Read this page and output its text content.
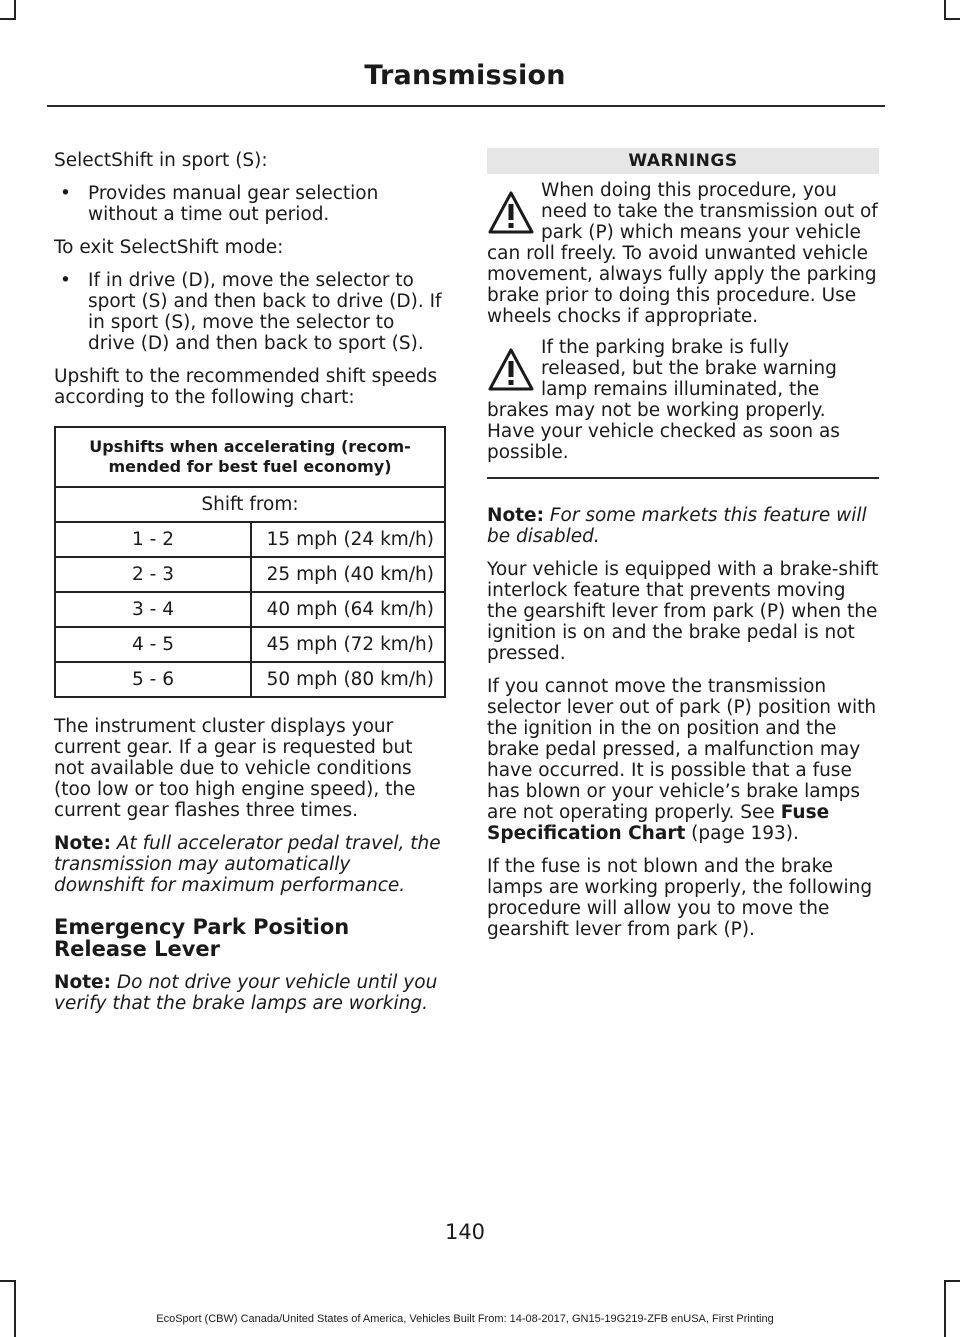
Transmission

SelectShift in sport (S):

• Provides manual gear selection without a time out period.

To exit SelectShift mode:

• If in drive (D), move the selector to sport (S) and then back to drive (D). If in sport (S), move the selector to drive (D) and then back to sport (S).

Upshift to the recommended shift speeds according to the following chart:

Upshifts when accelerating (recom-mended for best fuel economy)	
Shift from:	
1 - 2	15 mph (24 km/h)
2 - 3	25 mph (40 km/h)
3 - 4	40 mph (64 km/h)
4 - 5	45 mph (72 km/h)
5 - 6	50 mph (80 km/h)

The instrument cluster displays your current gear. If a gear is requested but not available due to vehicle conditions (too low or too high engine speed), the current gear flashes three times.

Note: At full accelerator pedal travel, the transmission may automatically downshift for maximum performance.

Emergency Park Position Release Lever

Note: Do not drive your vehicle until you verify that the brake lamps are working.

WARNINGS
When doing this procedure, you need to take the transmission out of park (P) which means your vehicle can roll freely. To avoid unwanted vehicle movement, always fully apply the parking brake prior to doing this procedure. Use wheels chocks if appropriate.
If the parking brake is fully released, but the brake warning lamp remains illuminated, the brakes may not be working properly. Have your vehicle checked as soon as possible.

Note: For some markets this feature will be disabled.

Your vehicle is equipped with a brake-shift interlock feature that prevents moving the gearshift lever from park (P) when the ignition is on and the brake pedal is not pressed.

If you cannot move the transmission selector lever out of park (P) position with the ignition in the on position and the brake pedal pressed, a malfunction may have occurred. It is possible that a fuse has blown or your vehicle’s brake lamps are not operating properly. See Fuse Specification Chart (page 193).

If the fuse is not blown and the brake lamps are working properly, the following procedure will allow you to move the gearshift lever from park (P).

140
EcoSport (CBW) Canada/United States of America, Vehicles Built From: 14-08-2017, GN15-19G219-ZFB enUSA, First Printing
